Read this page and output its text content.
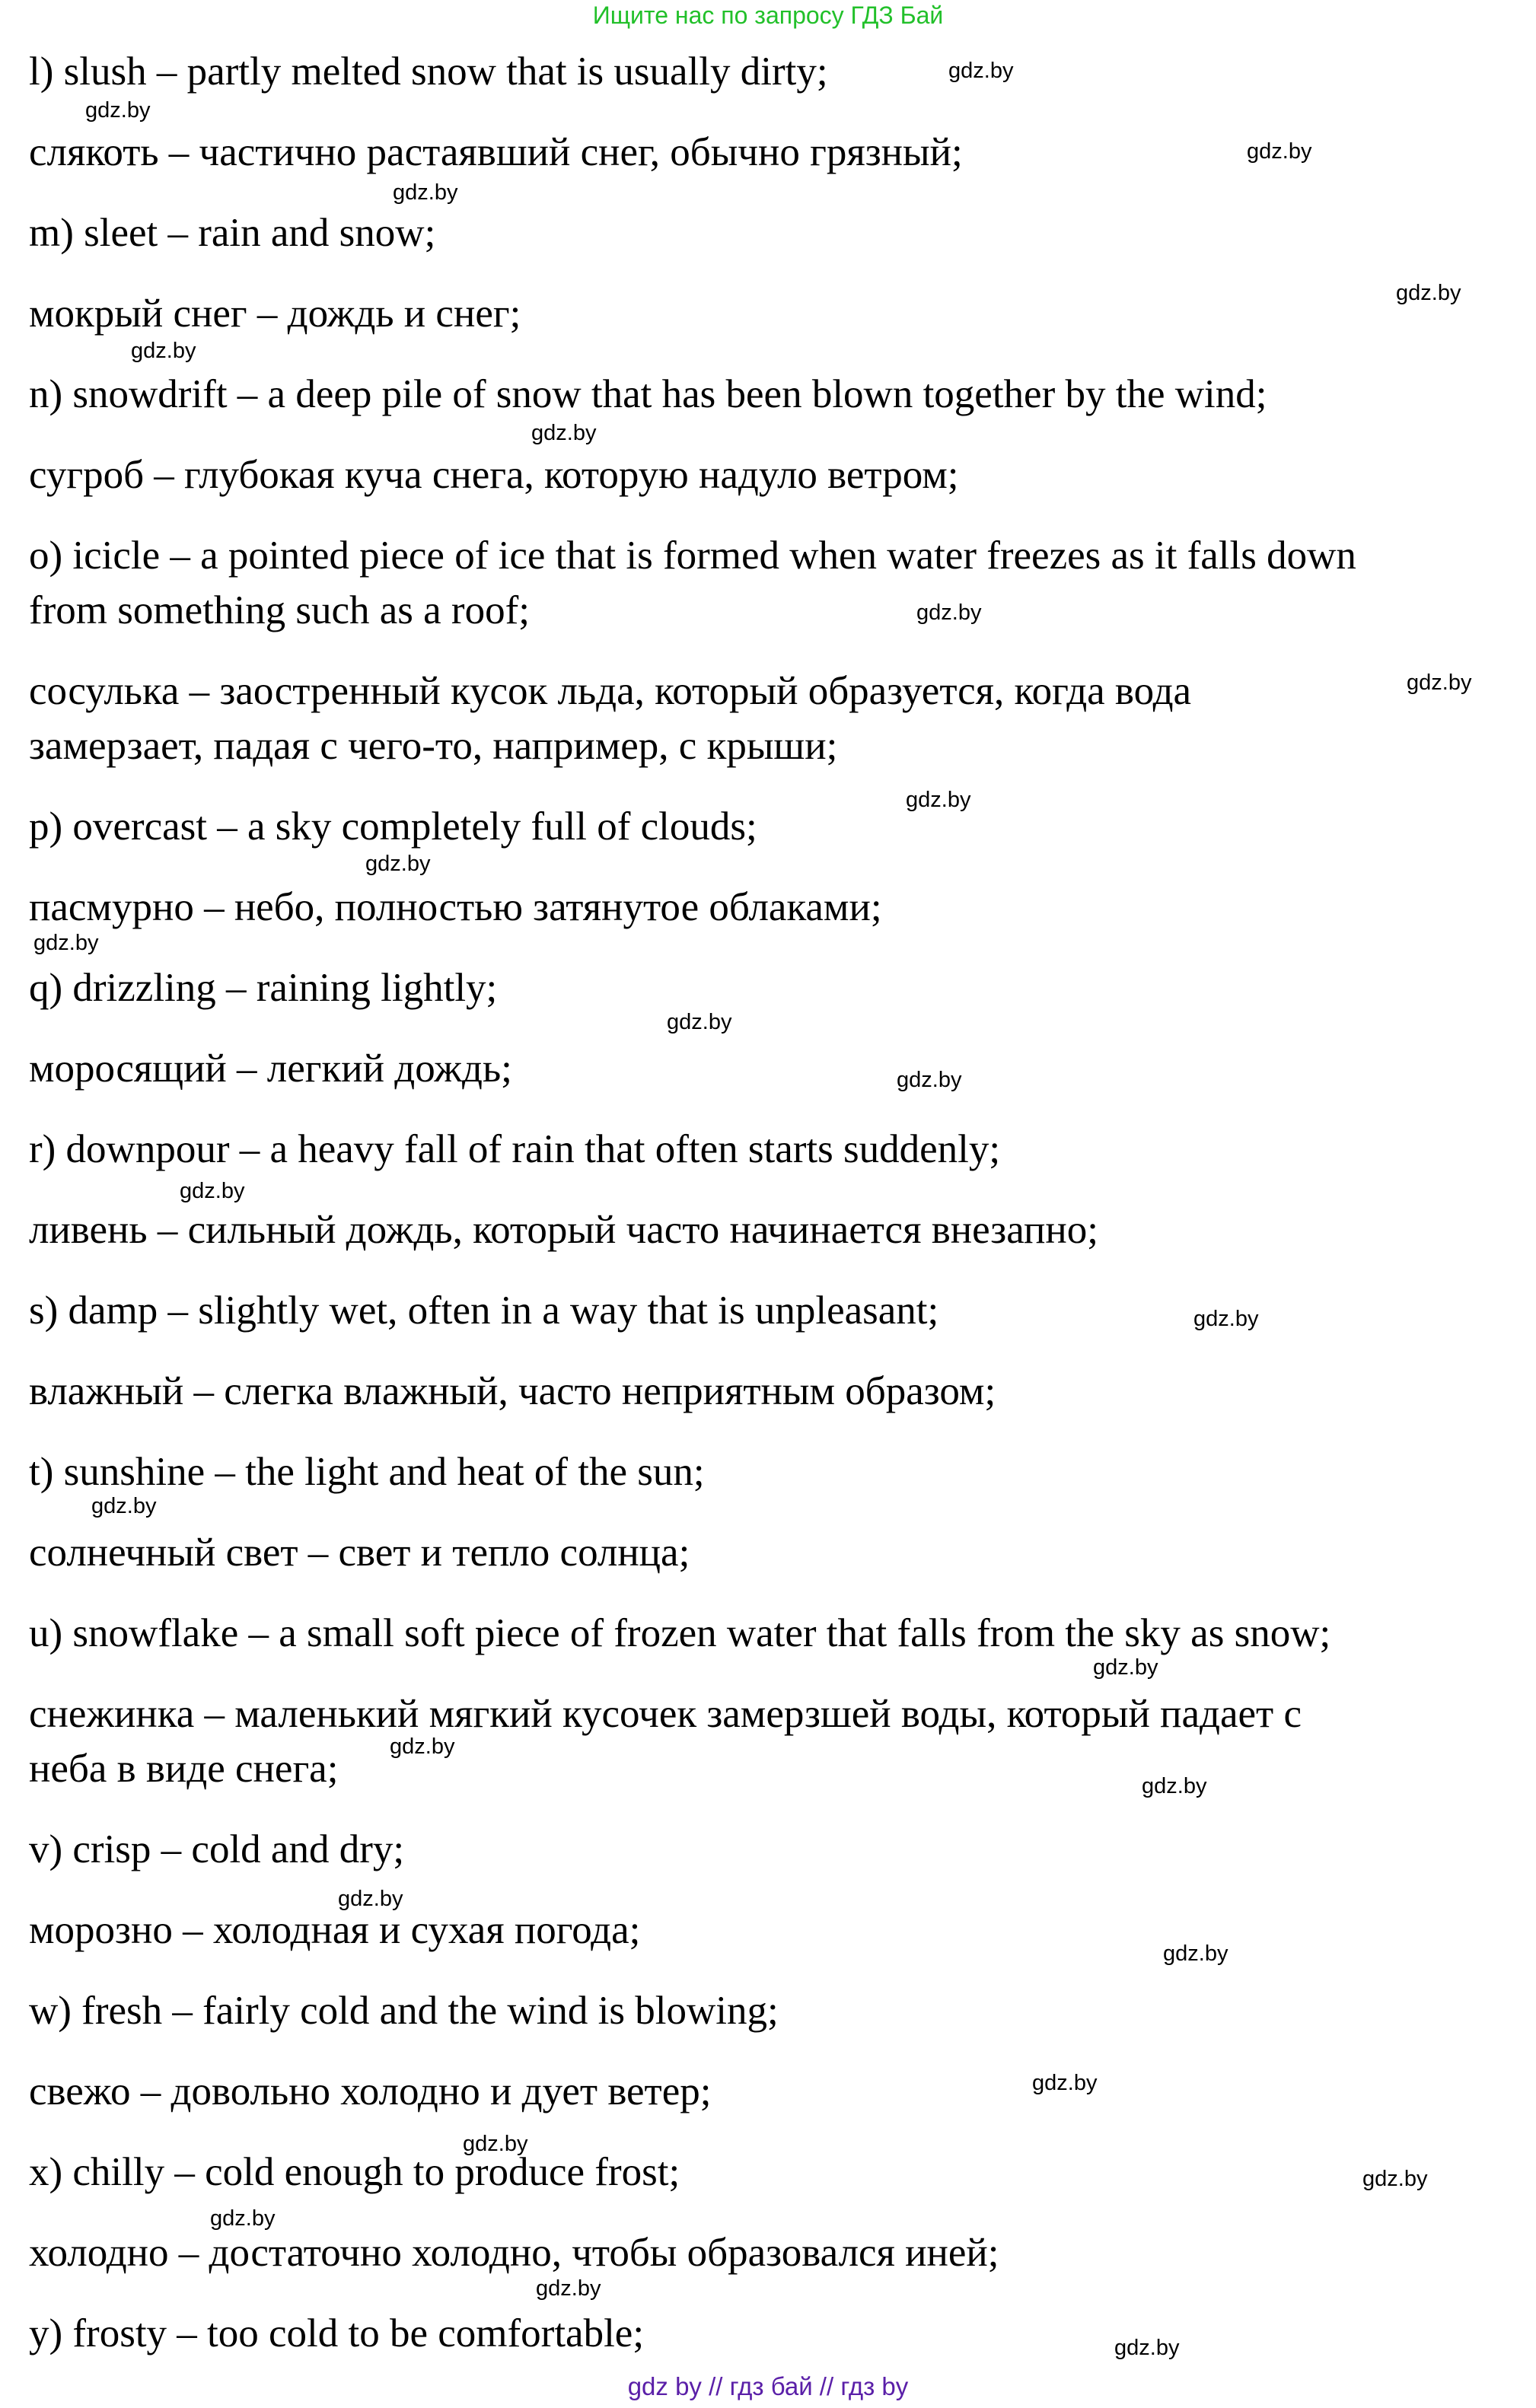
Ищите нас по запросу ГДЗ Бай
l) slush – partly melted snow that is usually dirty;
слякоть – частично растаявший снег, обычно грязный;
m) sleet – rain and snow;
мокрый снег – дождь и снег;
n) snowdrift – a deep pile of snow that has been blown together by the wind;
сугроб – глубокая куча снега, которую надуло ветром;
o) icicle – a pointed piece of ice that is formed when water freezes as it falls down
from something such as a roof;
сосулька – заостренный кусок льда, который образуется, когда вода
замерзает, падая с чего-то, например, с крыши;
p) overcast – a sky completely full of clouds;
пасмурно – небо, полностью затянутое облаками;
q) drizzling – raining lightly;
моросящий – легкий дождь;
r) downpour – a heavy fall of rain that often starts suddenly;
ливень – сильный дождь, который часто начинается внезапно;
s) damp – slightly wet, often in a way that is unpleasant;
влажный – слегка влажный, часто неприятным образом;
t) sunshine – the light and heat of the sun;
солнечный свет – свет и тепло солнца;
u) snowflake – a small soft piece of frozen water that falls from the sky as snow;
снежинка – маленький мягкий кусочек замерзшей воды, который падает с
неба в виде снега;
v) crisp – cold and dry;
морозно – холодная и сухая погода;
w) fresh – fairly cold and the wind is blowing;
свежо – довольно холодно и дует ветер;
x) chilly – cold enough to produce frost;
холодно – достаточно холодно, чтобы образовался иней;
y) frosty – too cold to be comfortable;
gdz.by
gdz.by
gdz.by
gdz.by
gdz.by
gdz.by
gdz.by
gdz.by
gdz.by
gdz.by
gdz.by
gdz.by
gdz.by
gdz.by
gdz.by
gdz.by
gdz.by
gdz.by
gdz.by
gdz.by
gdz.by
gdz.by
gdz.by
gdz.by
gdz.by
gdz.by
gdz.by
gdz.by
gdz by // гдз бай // гдз by
